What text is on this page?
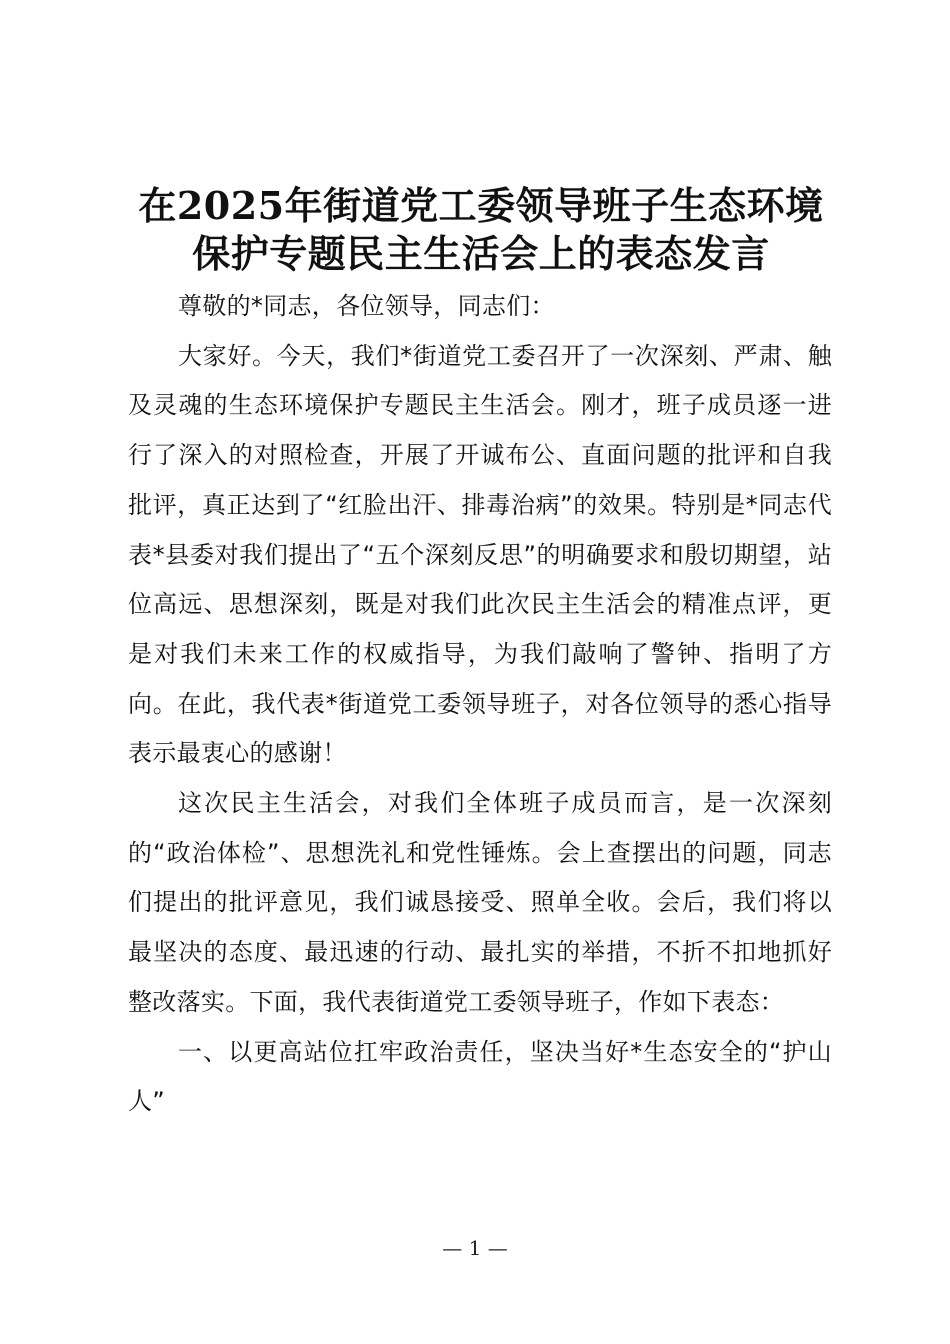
在2025年街道党工委领导班子生态环境保护专题民主生活会上的表态发言

尊敬的*同志，各位领导，同志们：

大家好。今天，我们*街道党工委召开了一次深刻、严肃、触及灵魂的生态环境保护专题民主生活会。刚才，班子成员逐一进行了深入的对照检查，开展了开诚布公、直面问题的批评和自我批评，真正达到了“红脸出汗、排毒治病”的效果。特别是*同志代表*县委对我们提出了“五个深刻反思”的明确要求和殷切期望，站位高远、思想深刻，既是对我们此次民主生活会的精准点评，更是对我们未来工作的权威指导，为我们敲响了警钟、指明了方向。在此，我代表*街道党工委领导班子，对各位领导的悉心指导表示最衷心的感谢！

这次民主生活会，对我们全体班子成员而言，是一次深刻的“政治体检”、思想洗礼和党性锤炼。会上查摆出的问题，同志们提出的批评意见，我们诚恳接受、照单全收。会后，我们将以最坚决的态度、最迅速的行动、最扎实的举措，不折不扣地抓好整改落实。下面，我代表街道党工委领导班子，作如下表态：

一、以更高站位扛牢政治责任，坚决当好*生态安全的“护山人”

— 1 —
